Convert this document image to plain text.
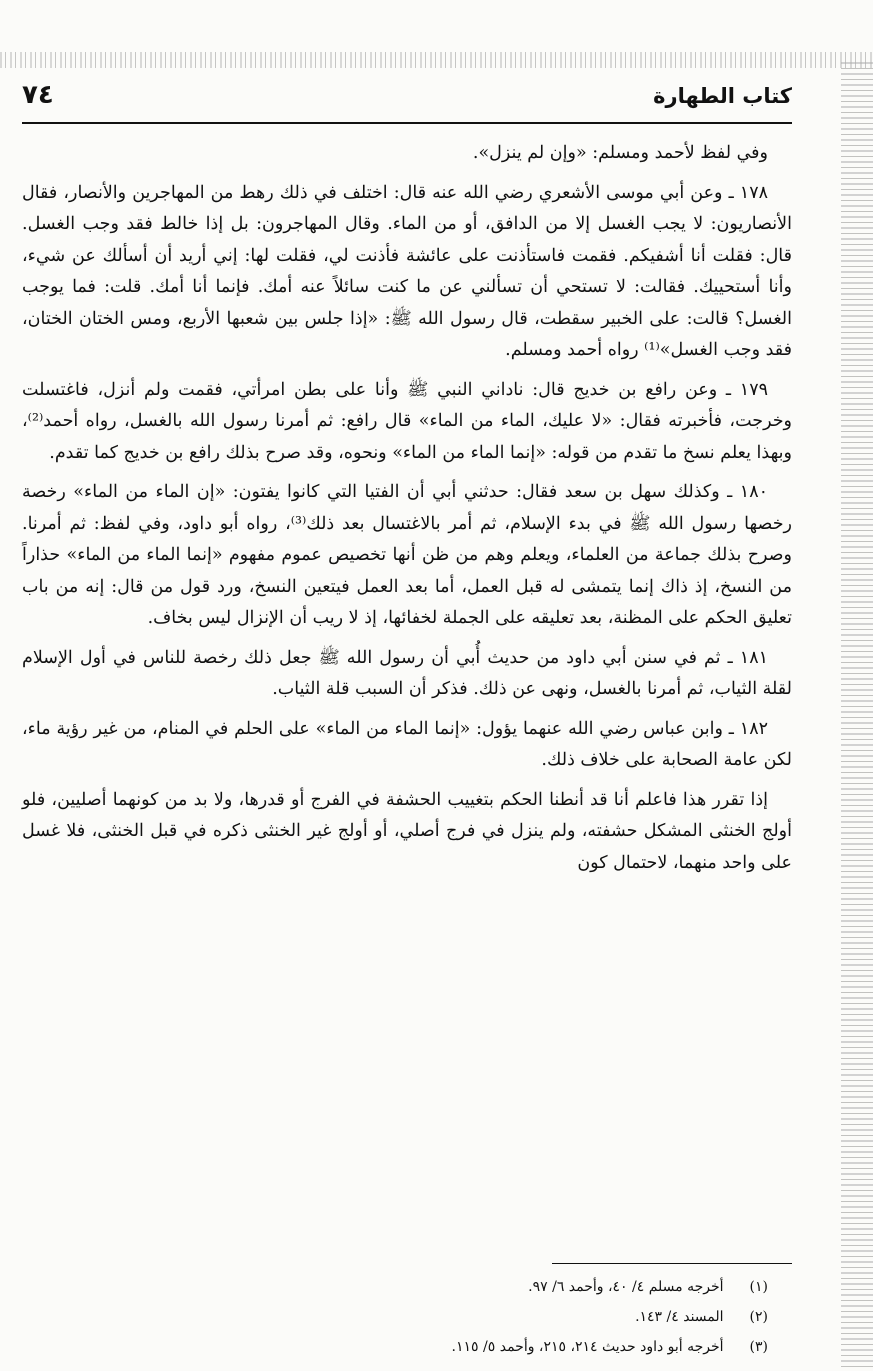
كتاب الطهارة
٧٤

وفي لفظ لأحمد ومسلم: «وإن لم ينزل».

١٧٨ ـ وعن أبي موسى الأشعري رضي الله عنه قال: اختلف في ذلك رهط من المهاجرين والأنصار، فقال الأنصاريون: لا يجب الغسل إلا من الدافق، أو من الماء. وقال المهاجرون: بل إذا خالط فقد وجب الغسل. قال: فقلت أنا أشفيكم. فقمت فاستأذنت على عائشة فأذنت لي، فقلت لها: إني أريد أن أسألك عن شيء، وأنا أستحييك. فقالت: لا تستحي أن تسألني عن ما كنت سائلاً عنه أمك. فإنما أنا أمك. قلت: فما يوجب الغسل؟ قالت: على الخبير سقطت، قال رسول الله ﷺ: «إذا جلس بين شعبها الأربع، ومس الختان الختان، فقد وجب الغسل»⁽¹⁾ رواه أحمد ومسلم.

١٧٩ ـ وعن رافع بن خديج قال: ناداني النبي ﷺ وأنا على بطن امرأتي، فقمت ولم أنزل، فاغتسلت وخرجت، فأخبرته فقال: «لا عليك، الماء من الماء» قال رافع: ثم أمرنا رسول الله بالغسل، رواه أحمد⁽²⁾، وبهذا يعلم نسخ ما تقدم من قوله: «إنما الماء من الماء» ونحوه، وقد صرح بذلك رافع بن خديج كما تقدم.

١٨٠ ـ وكذلك سهل بن سعد فقال: حدثني أبي أن الفتيا التي كانوا يفتون: «إن الماء من الماء» رخصة رخصها رسول الله ﷺ في بدء الإسلام، ثم أمر بالاغتسال بعد ذلك⁽³⁾، رواه أبو داود، وفي لفظ: ثم أمرنا. وصرح بذلك جماعة من العلماء، ويعلم وهم من ظن أنها تخصيص عموم مفهوم «إنما الماء من الماء» حذاراً من النسخ، إذ ذاك إنما يتمشى له قبل العمل، أما بعد العمل فيتعين النسخ، ورد قول من قال: إنه من باب تعليق الحكم على المظنة، بعد تعليقه على الجملة لخفائها، إذ لا ريب أن الإنزال ليس بخاف.

١٨١ ـ ثم في سنن أبي داود من حديث أُبي أن رسول الله ﷺ جعل ذلك رخصة للناس في أول الإسلام لقلة الثياب، ثم أمرنا بالغسل، ونهى عن ذلك. فذكر أن السبب قلة الثياب.

١٨٢ ـ وابن عباس رضي الله عنهما يؤول: «إنما الماء من الماء» على الحلم في المنام، من غير رؤية ماء، لكن عامة الصحابة على خلاف ذلك.

إذا تقرر هذا فاعلم أنا قد أنطنا الحكم بتغييب الحشفة في الفرج أو قدرها، ولا بد من كونهما أصليين، فلو أولج الخنثى المشكل حشفته، ولم ينزل في فرج أصلي، أو أولج غير الخنثى ذكره في قبل الخنثى، فلا غسل على واحد منهما، لاحتمال كون

(١) أخرجه مسلم ٤/ ٤٠، وأحمد ٦/ ٩٧.
(٢) المسند ٤/ ١٤٣.
(٣) أخرجه أبو داود حديث ٢١٤، ٢١٥، وأحمد ٥/ ١١٥.
